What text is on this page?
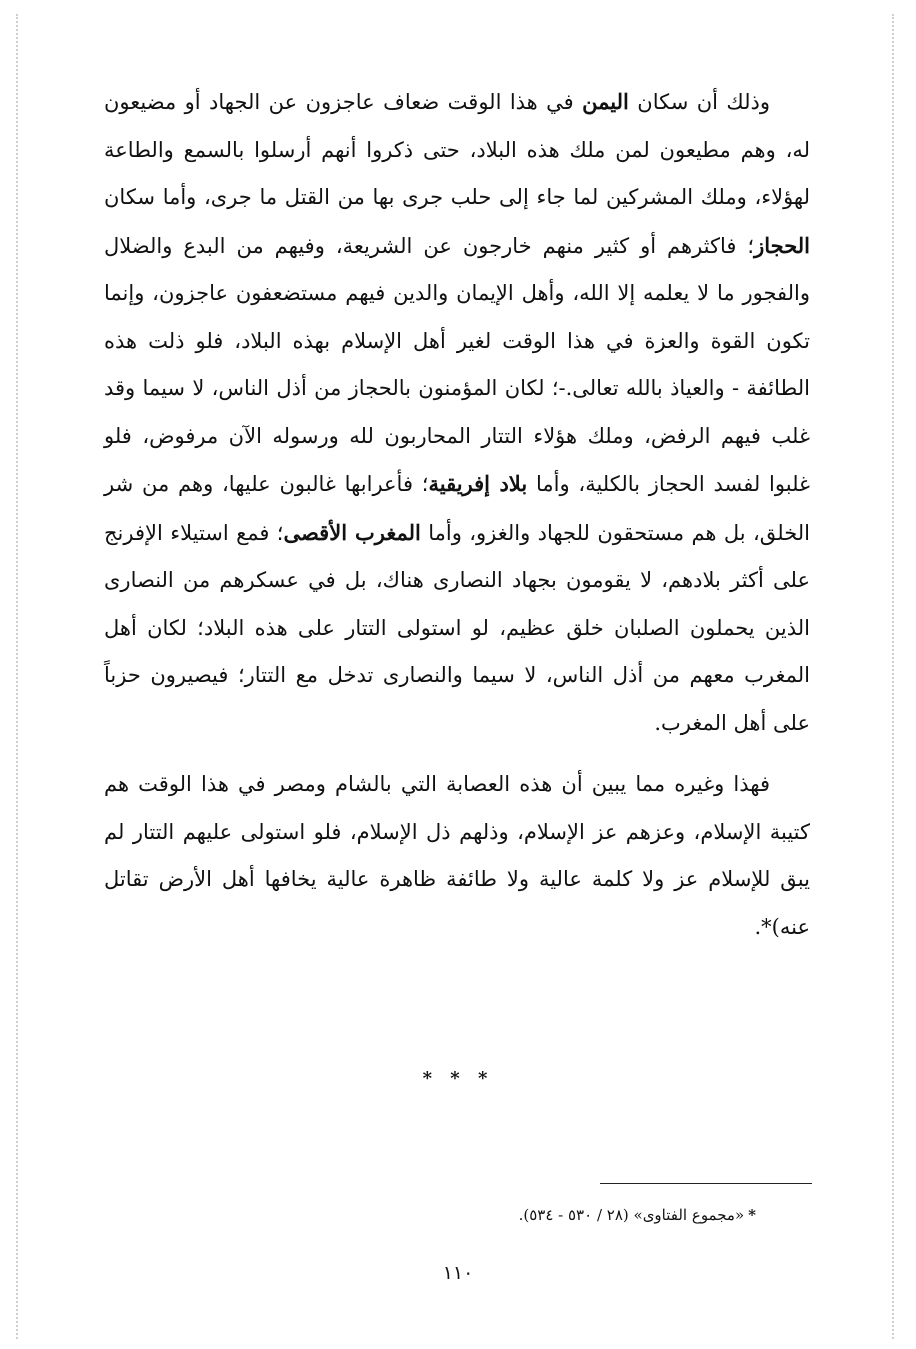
وذلك أن سكان اليمن في هذا الوقت ضعاف عاجزون عن الجهاد أو مضيعون له، وهم مطيعون لمن ملك هذه البلاد، حتى ذكروا أنهم أرسلوا بالسمع والطاعة لهؤلاء، وملك المشركين لما جاء إلى حلب جرى بها من القتل ما جرى، وأما سكان الحجاز؛ فاكثرهم أو كثير منهم خارجون عن الشريعة، وفيهم من البدع والضلال والفجور ما لا يعلمه إلا الله، وأهل الإيمان والدين فيهم مستضعفون عاجزون، وإنما تكون القوة والعزة في هذا الوقت لغير أهل الإسلام بهذه البلاد، فلو ذلت هذه الطائفة - والعياذ بالله تعالى.-؛ لكان المؤمنون بالحجاز من أذل الناس، لا سيما وقد غلب فيهم الرفض، وملك هؤلاء التتار المحاربون لله ورسوله الآن مرفوض، فلو غلبوا لفسد الحجاز بالكلية، وأما بلاد إفريقية؛ فأعرابها غالبون عليها، وهم من شر الخلق، بل هم مستحقون للجهاد والغزو، وأما المغرب الأقصى؛ فمع استيلاء الإفرنج على أكثر بلادهم، لا يقومون بجهاد النصارى هناك، بل في عسكرهم من النصارى الذين يحملون الصلبان خلق عظيم، لو استولى التتار على هذه البلاد؛ لكان أهل المغرب معهم من أذل الناس، لا سيما والنصارى تدخل مع التتار؛ فيصيرون حزباً على أهل المغرب.

فهذا وغيره مما يبين أن هذه العصابة التي بالشام ومصر في هذا الوقت هم كتيبة الإسلام، وعزهم عز الإسلام، وذلهم ذل الإسلام، فلو استولى عليهم التتار لم يبق للإسلام عز ولا كلمة عالية ولا طائفة ظاهرة عالية يخافها أهل الأرض تقاتل عنه)*.

* * *
*«مجموع الفتاوى» (٢٨ / ٥٣٠ - ٥٣٤).
١١٠
